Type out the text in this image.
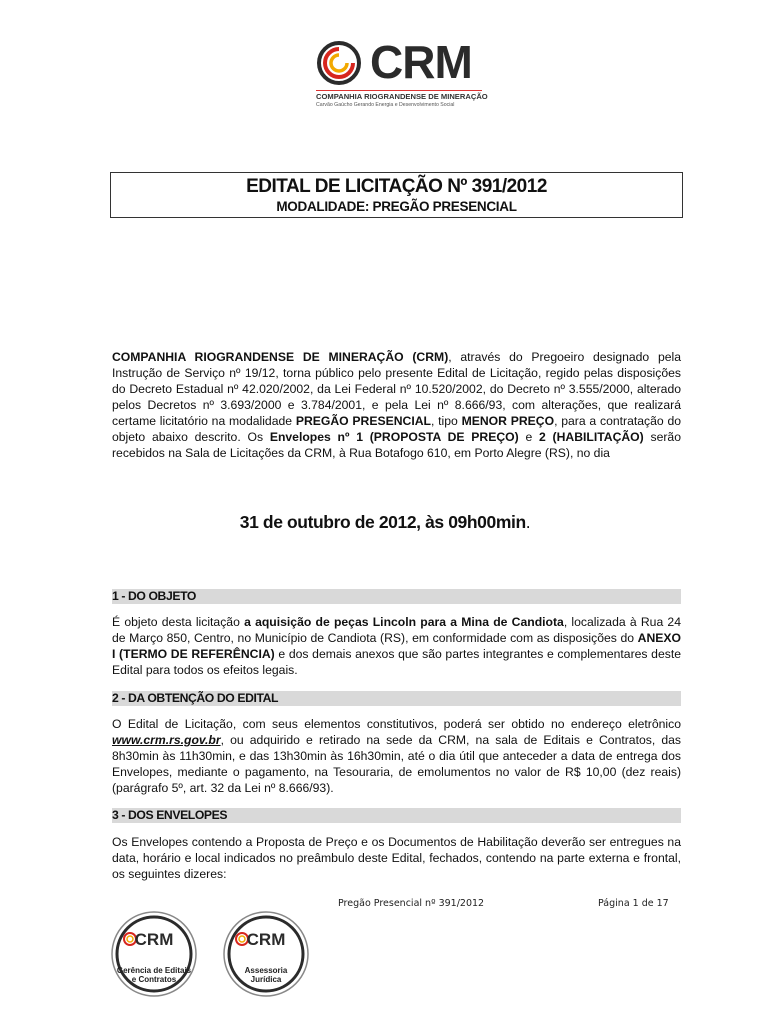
CRM
COMPANHIA RIOGRANDENSE DE MINERAÇÃO
Carvão Gaúcho Gerando Energia e Desenvolvimento Social
EDITAL DE LICITAÇÃO Nº 391/2012
MODALIDADE: PREGÃO PRESENCIAL
COMPANHIA RIOGRANDENSE DE MINERAÇÃO (CRM), através do Pregoeiro designado pela Instrução de Serviço nº 19/12, torna público pelo presente Edital de Licitação, regido pelas disposições do Decreto Estadual nº 42.020/2002, da Lei Federal nº 10.520/2002, do Decreto nº 3.555/2000, alterado pelos Decretos nº 3.693/2000 e 3.784/2001, e pela Lei nº 8.666/93, com alterações, que realizará certame licitatório na modalidade PREGÃO PRESENCIAL, tipo MENOR PREÇO, para a contratação do objeto abaixo descrito. Os Envelopes nº 1 (PROPOSTA DE PREÇO) e 2 (HABILITAÇÃO) serão recebidos na Sala de Licitações da CRM, à Rua Botafogo 610, em Porto Alegre (RS), no dia
31 de outubro de 2012, às 09h00min.
1 - DO OBJETO
É objeto desta licitação a aquisição de peças Lincoln para a Mina de Candiota, localizada à Rua 24 de Março 850, Centro, no Município de Candiota (RS), em conformidade com as disposições do ANEXO I (TERMO DE REFERÊNCIA) e dos demais anexos que são partes integrantes e complementares deste Edital para todos os efeitos legais.
2 - DA OBTENÇÃO DO EDITAL
O Edital de Licitação, com seus elementos constitutivos, poderá ser obtido no endereço eletrônico www.crm.rs.gov.br, ou adquirido e retirado na sede da CRM, na sala de Editais e Contratos, das 8h30min às 11h30min, e das 13h30min às 16h30min, até o dia útil que anteceder a data de entrega dos Envelopes, mediante o pagamento, na Tesouraria, de emolumentos no valor de R$ 10,00 (dez reais) (parágrafo 5º, art. 32 da Lei nº 8.666/93).
3 - DOS ENVELOPES
Os Envelopes contendo a Proposta de Preço e os Documentos de Habilitação deverão ser entregues na data, horário e local indicados no preâmbulo deste Edital, fechados, contendo na parte externa e frontal, os seguintes dizeres:
Pregão Presencial nº 391/2012	Página 1 de 17
CRM
Gerência de Editais
e Contratos
CRM
Assessoria
Jurídica
